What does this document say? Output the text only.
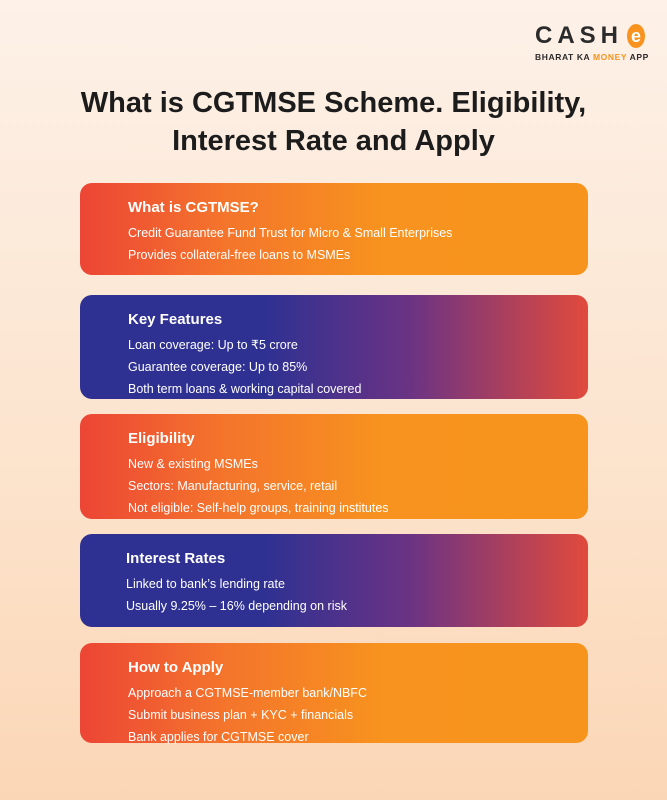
CASH e
BHARAT KA MONEY APP
What is CGTMSE Scheme. Eligibility, Interest Rate and Apply
What is CGTMSE?
Credit Guarantee Fund Trust for Micro & Small Enterprises
Provides collateral-free loans to MSMEs
Key Features
Loan coverage: Up to ₹5 crore
Guarantee coverage: Up to 85%
Both term loans & working capital covered
Eligibility
New & existing MSMEs
Sectors: Manufacturing, service, retail
Not eligible: Self-help groups, training institutes
Interest Rates
Linked to bank’s lending rate
Usually 9.25% – 16% depending on risk
How to Apply
Approach a CGTMSE-member bank/NBFC
Submit business plan + KYC + financials
Bank applies for CGTMSE cover
